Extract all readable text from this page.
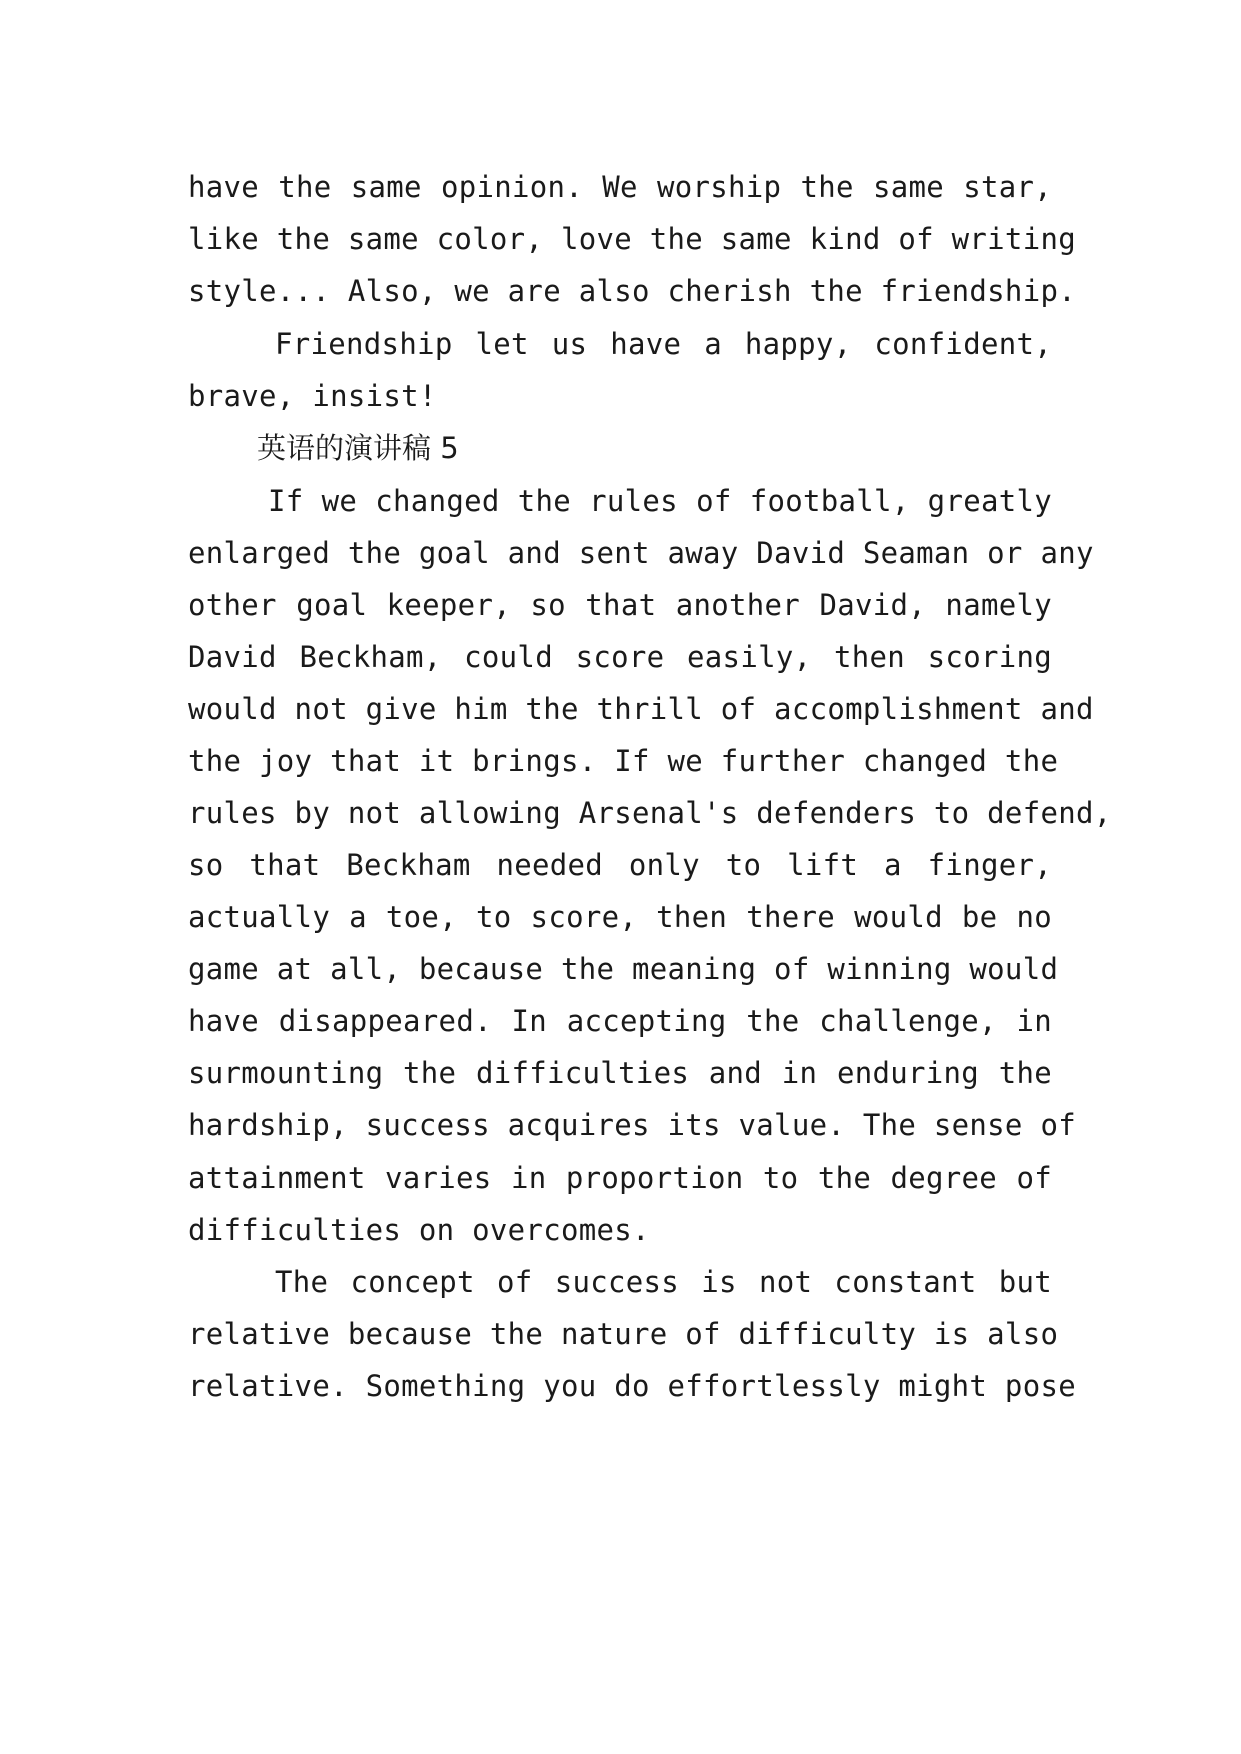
have the same opinion. We worship the same star,
like the same color, love the same kind of writing
style... Also, we are also cherish the friendship.
Friendship let us have a happy, confident,
brave, insist!
英语的演讲稿 5
If we changed the rules of football, greatly
enlarged the goal and sent away David Seaman or any
other goal keeper, so that another David, namely
David Beckham, could score easily, then scoring
would not give him the thrill of accomplishment and
the joy that it brings. If we further changed the
rules by not allowing Arsenal's defenders to defend,
so that Beckham needed only to lift a finger,
actually a toe, to score, then there would be no
game at all, because the meaning of winning would
have disappeared. In accepting the challenge, in
surmounting the difficulties and in enduring the
hardship, success acquires its value. The sense of
attainment varies in proportion to the degree of
difficulties on overcomes.
The concept of success is not constant but
relative because the nature of difficulty is also
relative. Something you do effortlessly might pose
